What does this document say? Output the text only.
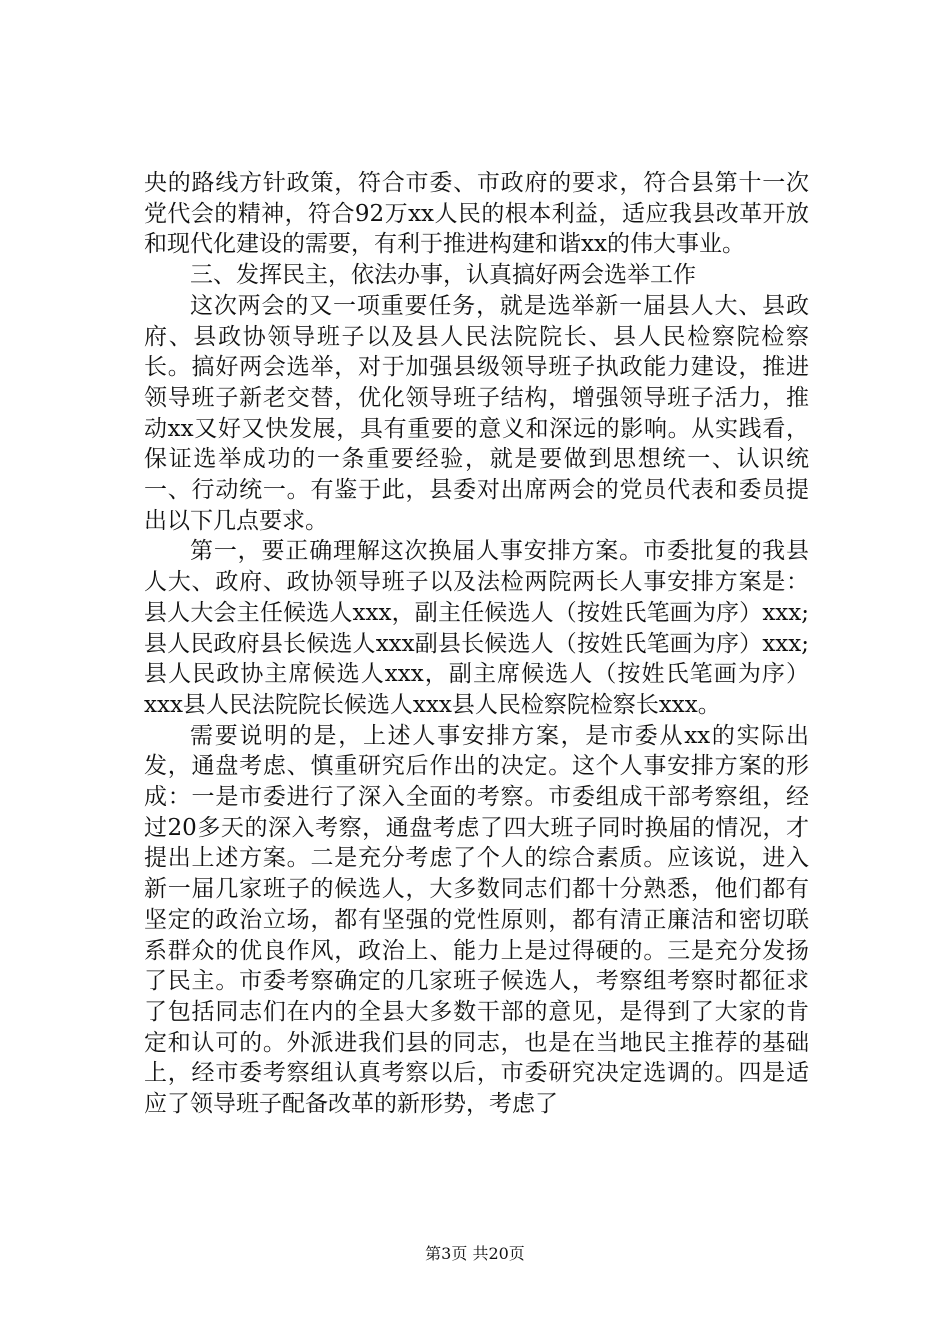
央的路线方针政策，符合市委、市政府的要求，符合县第十一次党代会的精神，符合92万xx人民的根本利益，适应我县改革开放和现代化建设的需要，有利于推进构建和谐xx的伟大事业。

三、发挥民主，依法办事，认真搞好两会选举工作

这次两会的又一项重要任务，就是选举新一届县人大、县政府、县政协领导班子以及县人民法院院长、县人民检察院检察长。搞好两会选举，对于加强县级领导班子执政能力建设，推进领导班子新老交替，优化领导班子结构，增强领导班子活力，推动xx又好又快发展，具有重要的意义和深远的影响。从实践看，保证选举成功的一条重要经验，就是要做到思想统一、认识统一、行动统一。有鉴于此，县委对出席两会的党员代表和委员提出以下几点要求。

第一，要正确理解这次换届人事安排方案。市委批复的我县人大、政府、政协领导班子以及法检两院两长人事安排方案是：县人大会主任候选人xxx，副主任候选人（按姓氏笔画为序）xxx;县人民政府县长候选人xxx副县长候选人（按姓氏笔画为序）xxx;县人民政协主席候选人xxx，副主席候选人（按姓氏笔画为序）xxx县人民法院院长候选人xxx县人民检察院检察长xxx。

需要说明的是，上述人事安排方案，是市委从xx的实际出发，通盘考虑、慎重研究后作出的决定。这个人事安排方案的形成：一是市委进行了深入全面的考察。市委组成干部考察组，经过20多天的深入考察，通盘考虑了四大班子同时换届的情况，才提出上述方案。二是充分考虑了个人的综合素质。应该说，进入新一届几家班子的候选人，大多数同志们都十分熟悉，他们都有坚定的政治立场，都有坚强的党性原则，都有清正廉洁和密切联系群众的优良作风，政治上、能力上是过得硬的。三是充分发扬了民主。市委考察确定的几家班子候选人，考察组考察时都征求了包括同志们在内的全县大多数干部的意见，是得到了大家的肯定和认可的。外派进我们县的同志，也是在当地民主推荐的基础上，经市委考察组认真考察以后，市委研究决定选调的。四是适应了领导班子配备改革的新形势，考虑了

第3页 共20页
